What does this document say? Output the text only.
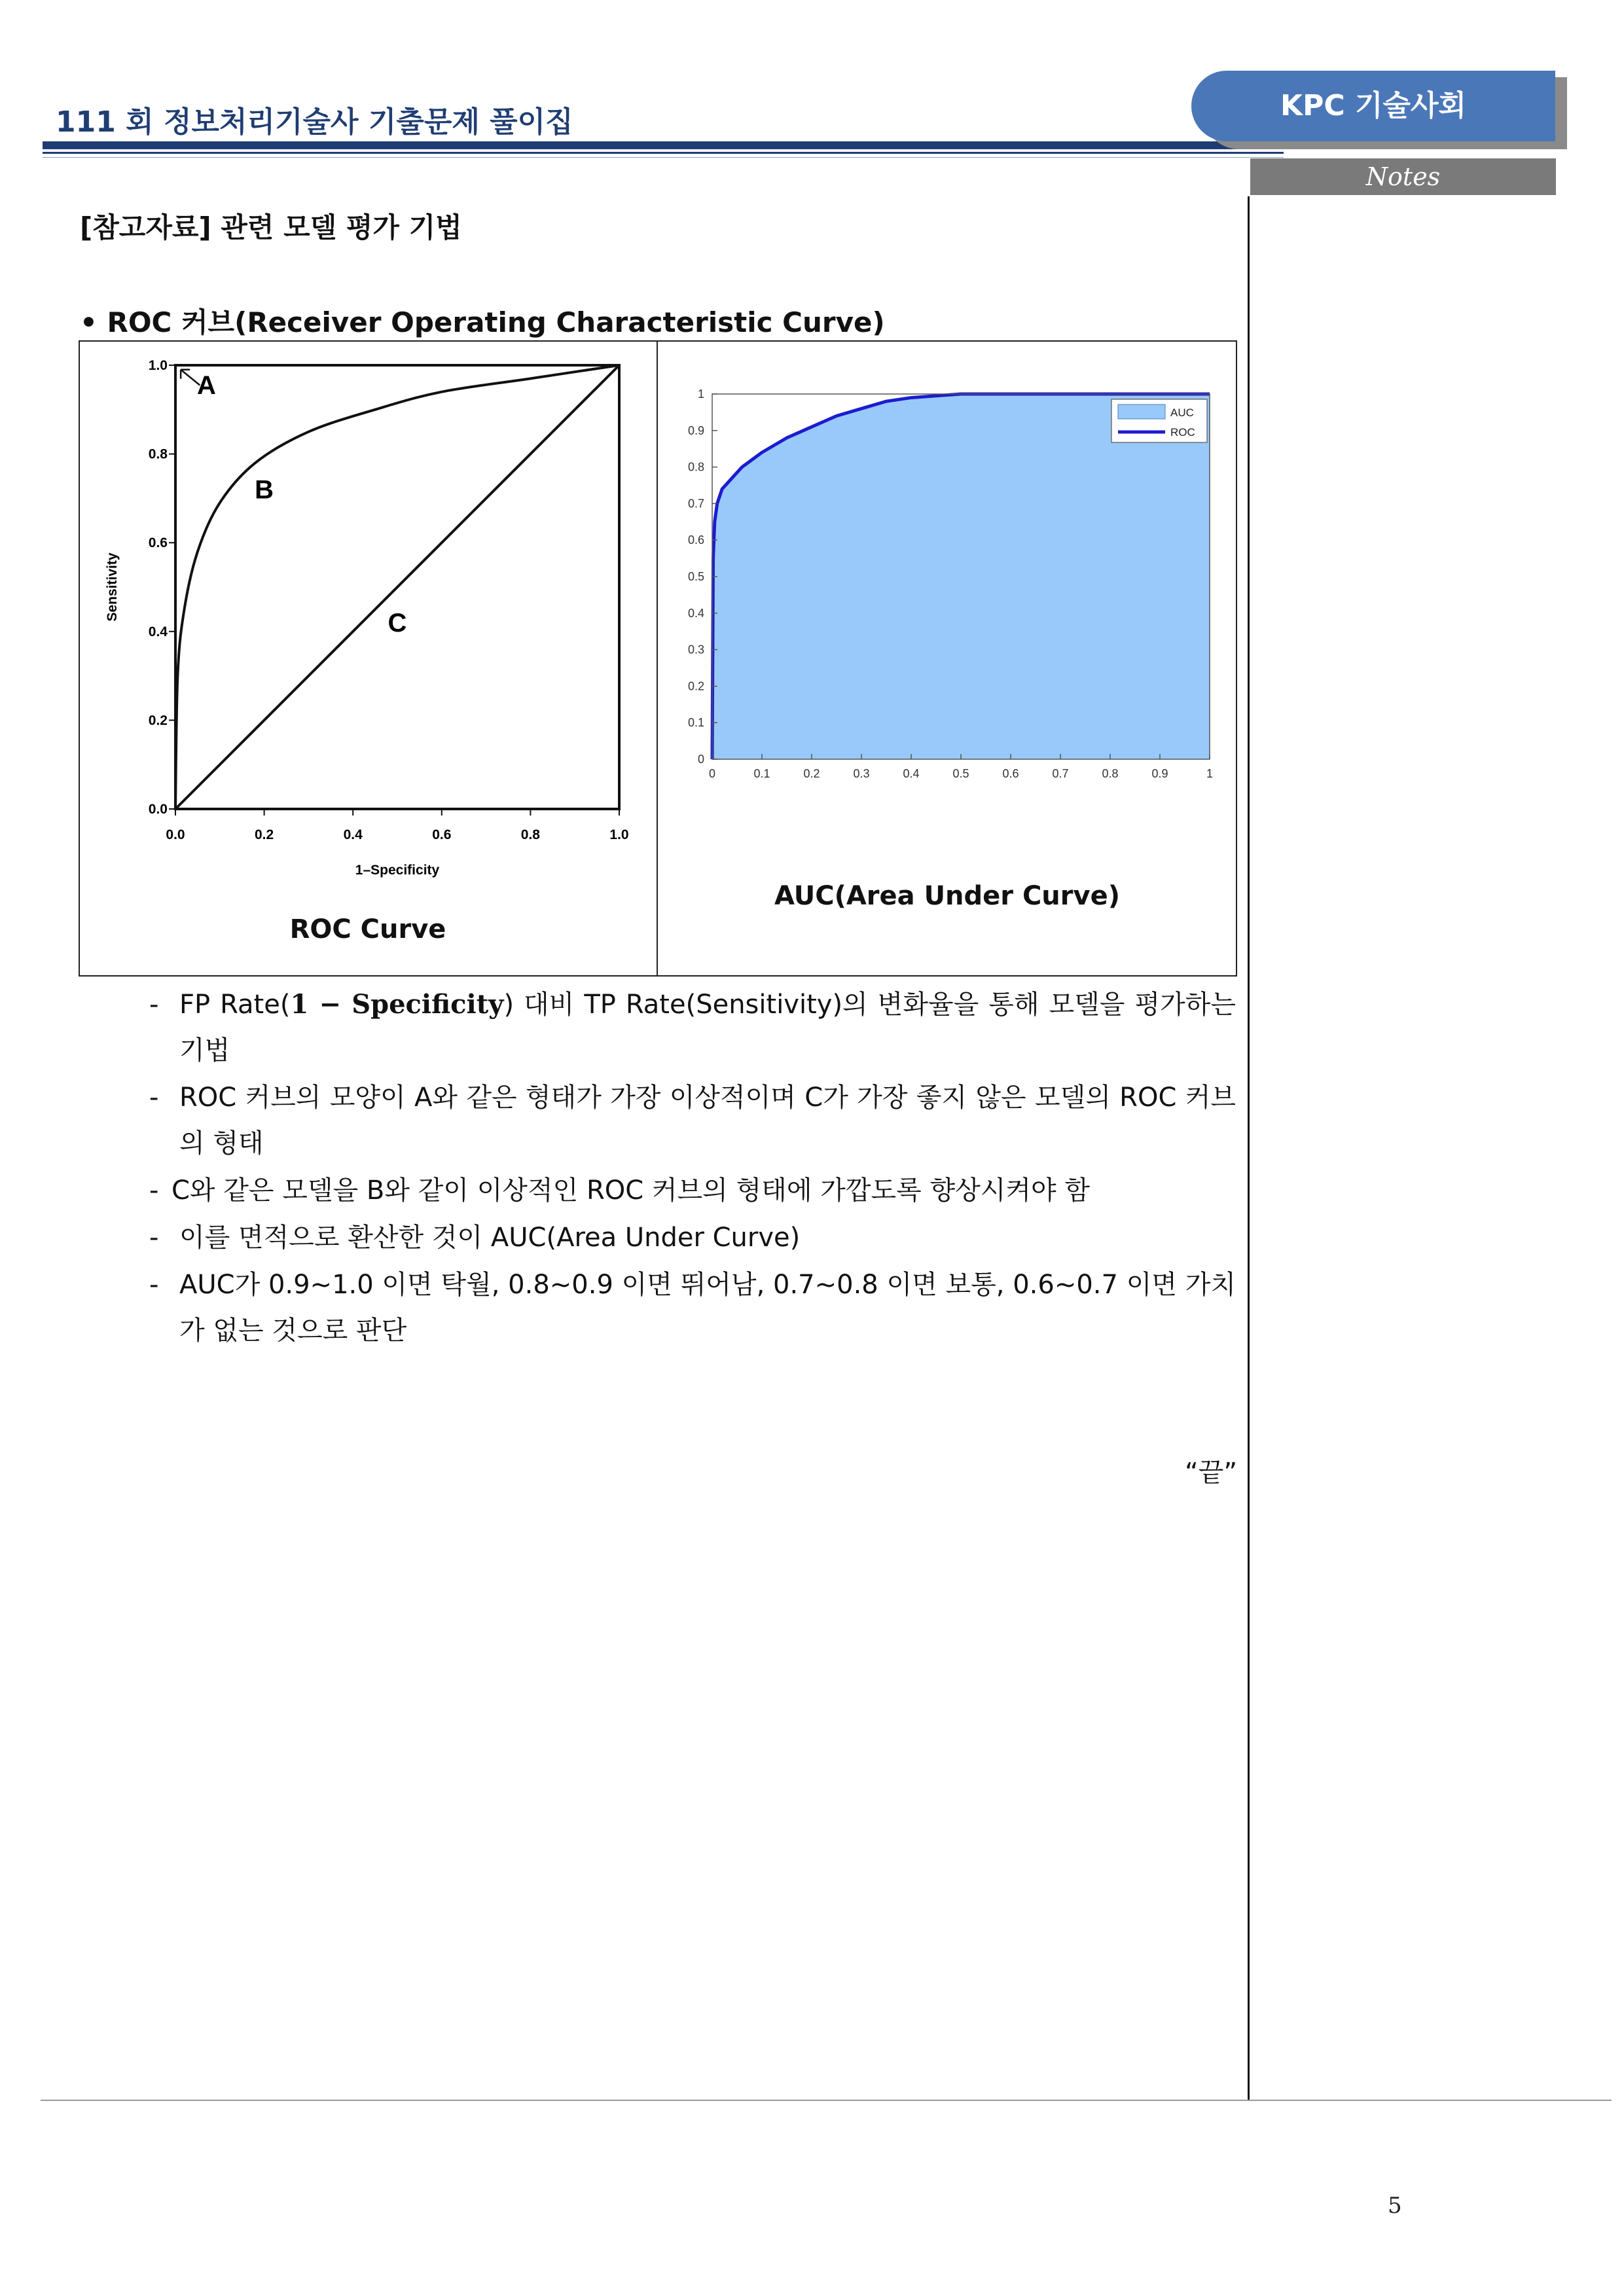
111 회 정보처리기술사 기출문제 풀이집	KPC 기술사회
Notes
[참고자료] 관련 모델 평가 기법
• ROC 커브(Receiver Operating Characteristic Curve)
0.0	0.2	0.4	0.6	0.8	1.0
0.0
0.2
0.4
0.6
0.8
1.0
1–Specificity
Sensitivity
A
B
C
0	0.1	0.2	0.3	0.4	0.5	0.6	0.7	0.8	0.9	1
0
0.1
0.2
0.3
0.4
0.5
0.6
0.7
0.8
0.9
1
AUC
ROC
ROC Curve
AUC(Area Under Curve)
- FP Rate(1 − Specificity) 대비 TP Rate(Sensitivity)의 변화율을 통해 모델을 평가하는 기법
- ROC 커브의 모양이 A와 같은 형태가 가장 이상적이며 C가 가장 좋지 않은 모델의 ROC 커브의 형태
- C와 같은 모델을 B와 같이 이상적인 ROC 커브의 형태에 가깝도록 향상시켜야 함
- 이를 면적으로 환산한 것이 AUC(Area Under Curve)
- AUC가 0.9~1.0 이면 탁월, 0.8~0.9 이면 뛰어남, 0.7~0.8 이면 보통, 0.6~0.7 이면 가치가 없는 것으로 판단
“끝”
5
